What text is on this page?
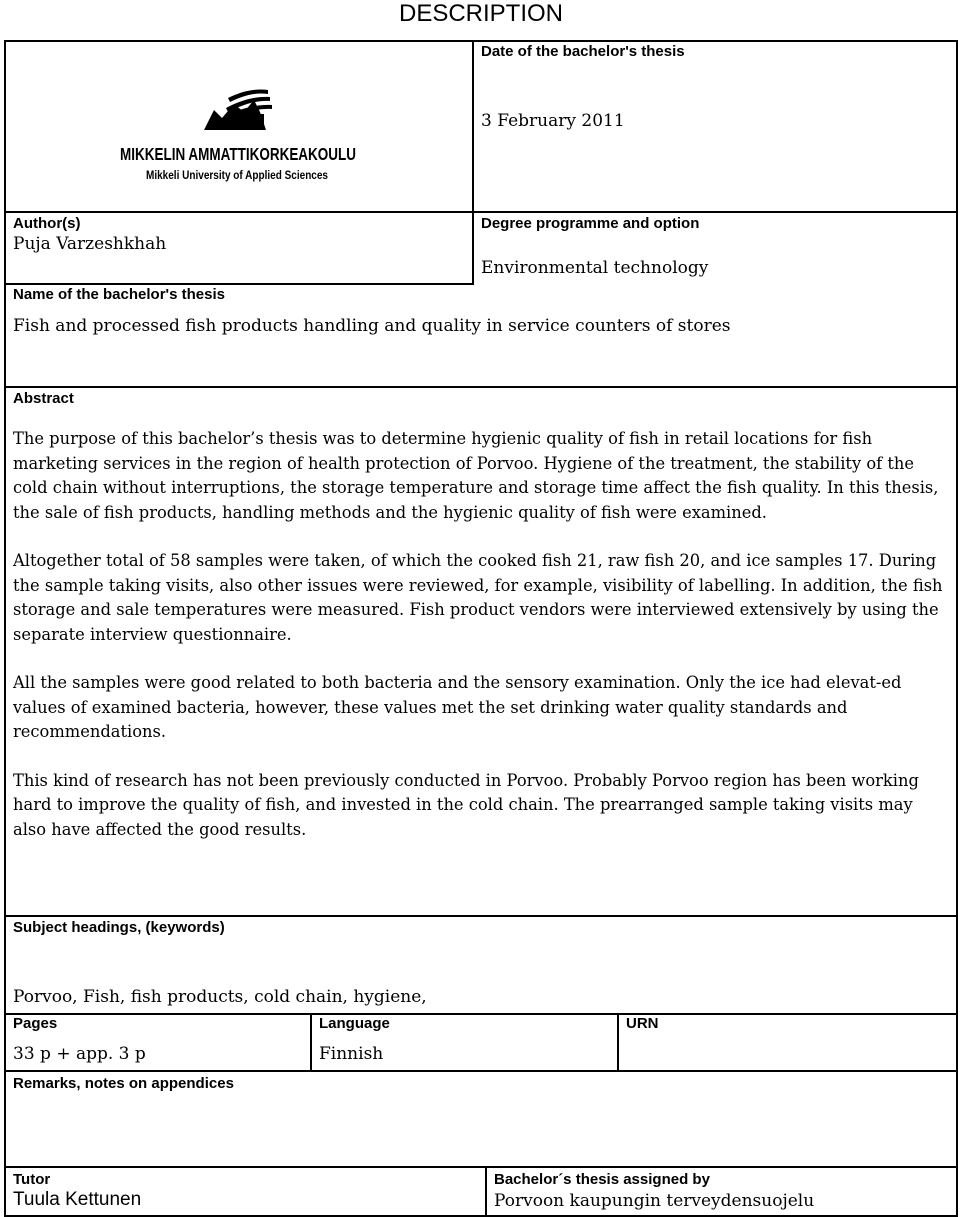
DESCRIPTION
MIKKELIN AMMATTIKORKEAKOULU
Mikkeli University of Applied Sciences
Date of the bachelor's thesis
3 February 2011
Author(s)
Puja Varzeshkhah
Degree programme and option
Environmental technology
Name of the bachelor's thesis
Fish and processed fish products handling and quality in service counters of stores
Abstract

The purpose of this bachelor’s thesis was to determine hygienic quality of fish in retail locations for fish marketing services in the region of health protection of Porvoo. Hygiene of the treatment, the stability of the cold chain without interruptions, the storage temperature and storage time affect the fish quality. In this thesis, the sale of fish products, handling methods and the hygienic quality of fish were examined.

Altogether total of 58 samples were taken, of which the cooked fish 21, raw fish 20, and ice samples 17. During the sample taking visits, also other issues were reviewed, for example, visibility of labelling. In addition, the fish storage and sale temperatures were measured. Fish product vendors were interviewed extensively by using the separate interview questionnaire.

All the samples were good related to both bacteria and the sensory examination. Only the ice had elevat-ed values of examined bacteria, however, these values met the set drinking water quality standards and recommendations.

This kind of research has not been previously conducted in Porvoo. Probably Porvoo region has been working hard to improve the quality of fish, and invested in the cold chain. The prearranged sample taking visits may also have affected the good results.

Subject headings, (keywords)
Porvoo, Fish, fish products, cold chain, hygiene,
Pages
33 p + app. 3 p
Language
Finnish
URN
Remarks, notes on appendices
Tutor
Tuula Kettunen
Bachelor´s thesis assigned by
Porvoon kaupungin terveydensuojelu
